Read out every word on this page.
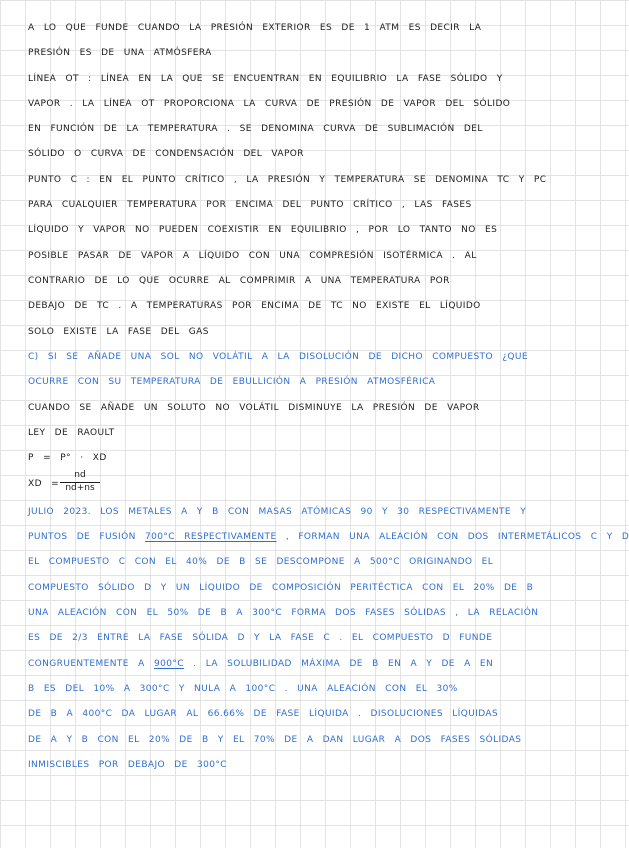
A LO QUE FUNDE CUANDO LA PRESIÓN EXTERIOR ES DE 1 ATM ES DECIR LA
PRESIÓN ES DE UNA ATMÓSFERA
LÍNEA OT : LÍNEA EN LA QUE SE ENCUENTRAN EN EQUILIBRIO LA FASE SÓLIDO Y
VAPOR . LA LÍNEA OT PROPORCIONA LA CURVA DE PRESIÓN DE VAPOR DEL SÓLIDO
EN FUNCIÓN DE LA TEMPERATURA . SE DENOMINA CURVA DE SUBLIMACIÓN DEL
SÓLIDO O CURVA DE CONDENSACIÓN DEL VAPOR
PUNTO C : EN EL PUNTO CRÍTICO , LA PRESIÓN Y TEMPERATURA SE DENOMINA TC Y PC
PARA CUALQUIER TEMPERATURA POR ENCIMA DEL PUNTO CRÍTICO , LAS FASES
LÍQUIDO Y VAPOR NO PUEDEN COEXISTIR EN EQUILIBRIO , POR LO TANTO NO ES
POSIBLE PASAR DE VAPOR A LÍQUIDO CON UNA COMPRESIÓN ISOTÉRMICA . AL
CONTRARIO DE LO QUE OCURRE AL COMPRIMIR A UNA TEMPERATURA POR
DEBAJO DE TC . A TEMPERATURAS POR ENCIMA DE TC NO EXISTE EL LÍQUIDO
SOLO EXISTE LA FASE DEL GAS
C) SI SE AÑADE UNA SOL NO VOLÁTIL A LA DISOLUCIÓN DE DICHO COMPUESTO ¿QUE
OCURRE CON SU TEMPERATURA DE EBULLICIÓN A PRESIÓN ATMOSFÉRICA
CUANDO SE AÑADE UN SOLUTO NO VOLÁTIL DISMINUYE LA PRESIÓN DE VAPOR
LEY DE RAOULT
P = P° · XD
XD = $\frac{nd}{nd+ns}$
JULIO 2023. LOS METALES A Y B CON MASAS ATÓMICAS 90 Y 30 RESPECTIVAMENTE Y
PUNTOS DE FUSIÓN 700°C RESPECTIVAMENTE , FORMAN UNA ALEACIÓN CON DOS INTERMETÁLICOS C Y D
EL COMPUESTO C CON EL 40% DE B SE DESCOMPONE A 500°C ORIGINANDO EL
COMPUESTO SÓLIDO D Y UN LÍQUIDO DE COMPOSICIÓN PERITÉCTICA CON EL 20% DE B
UNA ALEACIÓN CON EL 50% DE B A 300°C FORMA DOS FASES SÓLIDAS , LA RELACIÓN
ES DE 2/3 ENTRE LA FASE SÓLIDA D Y LA FASE C . EL COMPUESTO D FUNDE
CONGRUENTEMENTE A 900°C . LA SOLUBILIDAD MÁXIMA DE B EN A Y DE A EN
B ES DEL 10% A 300°C Y NULA A 100°C . UNA ALEACIÓN CON EL 30%
DE B A 400°C DA LUGAR AL 66.66% DE FASE LÍQUIDA . DISOLUCIONES LÍQUIDAS
DE A Y B CON EL 20% DE B Y EL 70% DE A DAN LUGAR A DOS FASES SÓLIDAS
INMISCIBLES POR DEBAJO DE 300°C
